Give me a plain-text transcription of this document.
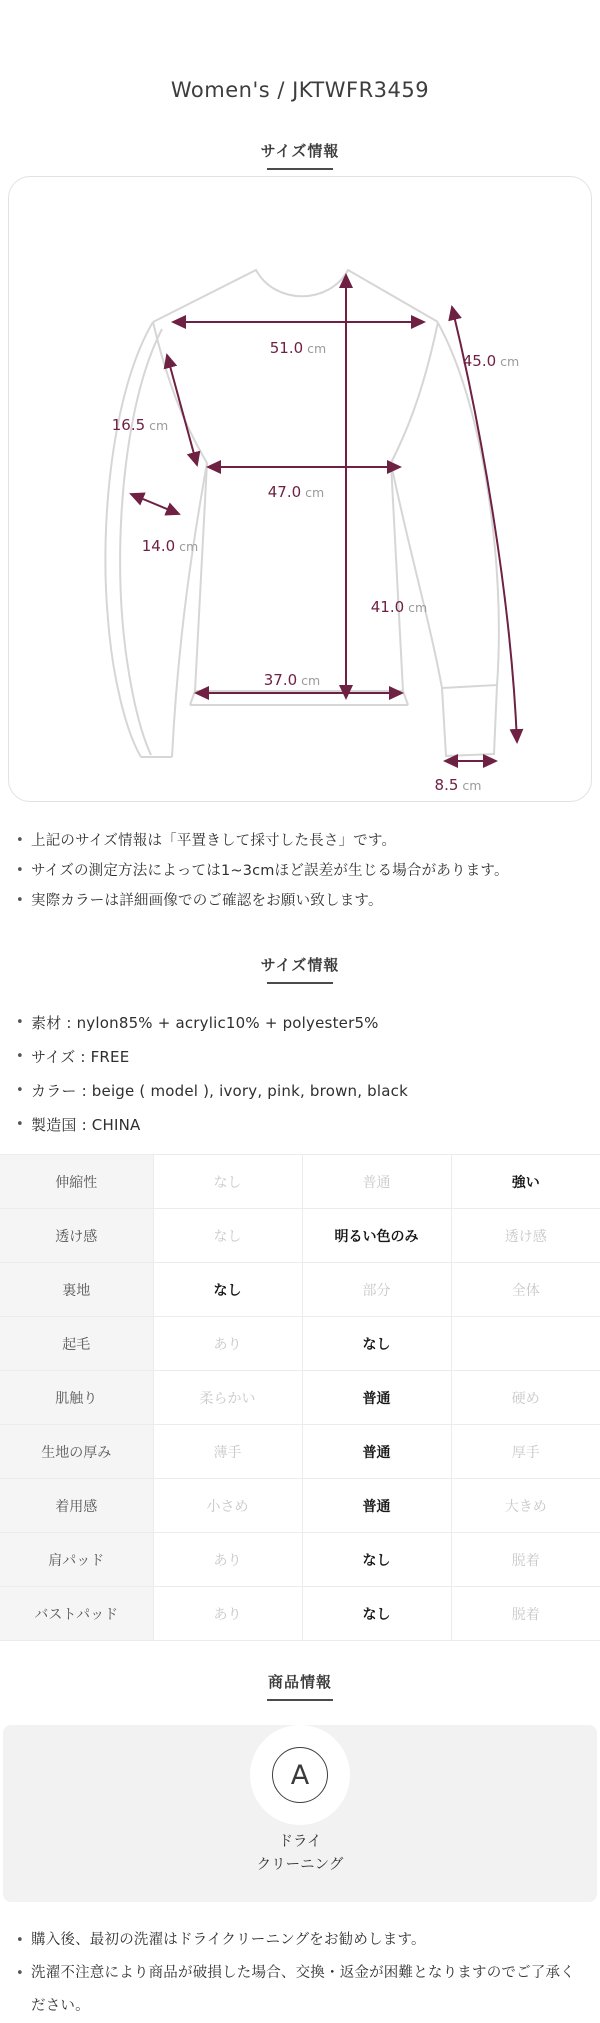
Women's / JKTWFR3459
サイズ情報
51.0 cm
45.0 cm
16.5 cm
47.0 cm
14.0 cm
41.0 cm
37.0 cm
8.5 cm
• 上記のサイズ情報は「平置きして採寸した長さ」です。
• サイズの測定方法によっては1~3cmほど誤差が生じる場合があります。
• 実際カラーは詳細画像でのご確認をお願い致します。
サイズ情報
• 素材 : nylon85% + acrylic10% + polyester5%
• サイズ : FREE
• カラー : beige ( model ), ivory, pink, brown, black
• 製造国 : CHINA
伸縮性	なし	普通	強い
透け感	なし	明るい色のみ	透け感
裏地	なし	部分	全体
起毛	あり	なし	
肌触り	柔らかい	普通	硬め
生地の厚み	薄手	普通	厚手
着用感	小さめ	普通	大きめ
肩パッド	あり	なし	脱着
バストパッド	あり	なし	脱着
商品情報
A
ドライ
クリーニング
• 購入後、最初の洗濯はドライクリーニングをお勧めします。
• 洗濯不注意により商品が破損した場合、交換・返金が困難となりますのでご了承ください。
